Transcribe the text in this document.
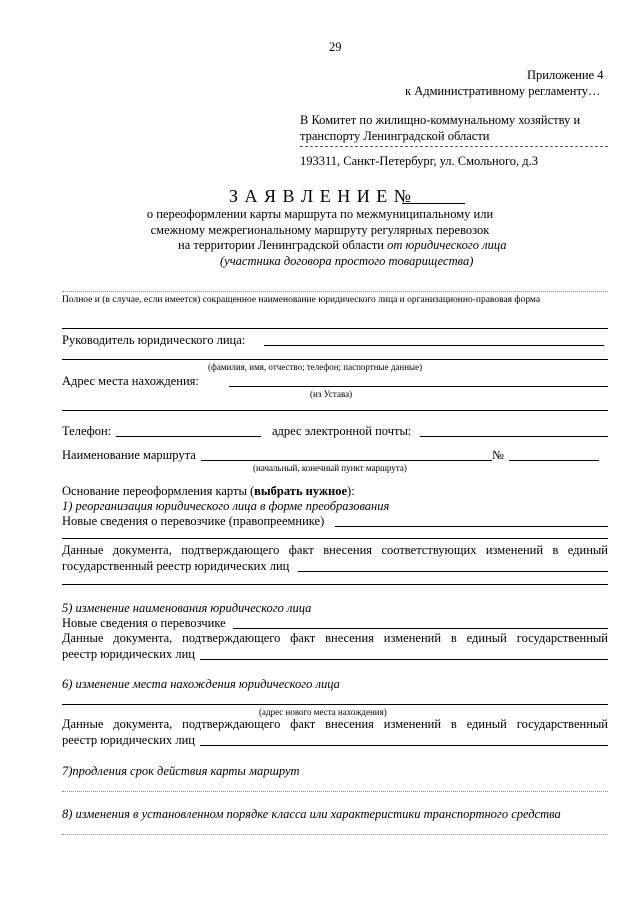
29
Приложение 4
к Административному регламенту…
В Комитет по жилищно-коммунальному хозяйству и
транспорту Ленинградской области
193311, Санкт-Петербург, ул. Смольного, д.3
З А Я В Л Е Н И Е №
о переоформлении карты маршрута по межмуниципальному или
смежному межрегиональному маршруту регулярных перевозок
на территории Ленинградской области от юридического лица
(участника договора простого товарищества)
Полное и (в случае, если имеется) сокращенное наименование юридического лица и организационно-правовая форма
Руководитель юридического лица:
(фамилия, имя, отчество; телефон; паспортные данные)
Адрес места нахождения:
(из Устава)
Телефон:	адрес электронной почты:
Наименование маршрута	№
(начальный, конечный пункт маршрута)
Основание переоформления карты (выбрать нужное):
1) реорганизация юридического лица в форме преобразования
Новые сведения о перевозчике (правопреемнике)
Данные документа, подтверждающего факт внесения соответствующих изменений в единый
государственный реестр юридических лиц
5) изменение наименования юридического лица
Новые сведения о перевозчике
Данные документа, подтверждающего факт внесения изменений в единый государственный
реестр юридических лиц
6) изменение места нахождения юридического лица
(адрес нового места нахождения)
Данные документа, подтверждающего факт внесения изменений в единый государственный
реестр юридических лиц
7)продления срок действия карты маршрут
8) изменения в установленном порядке класса или характеристики транспортного средства
